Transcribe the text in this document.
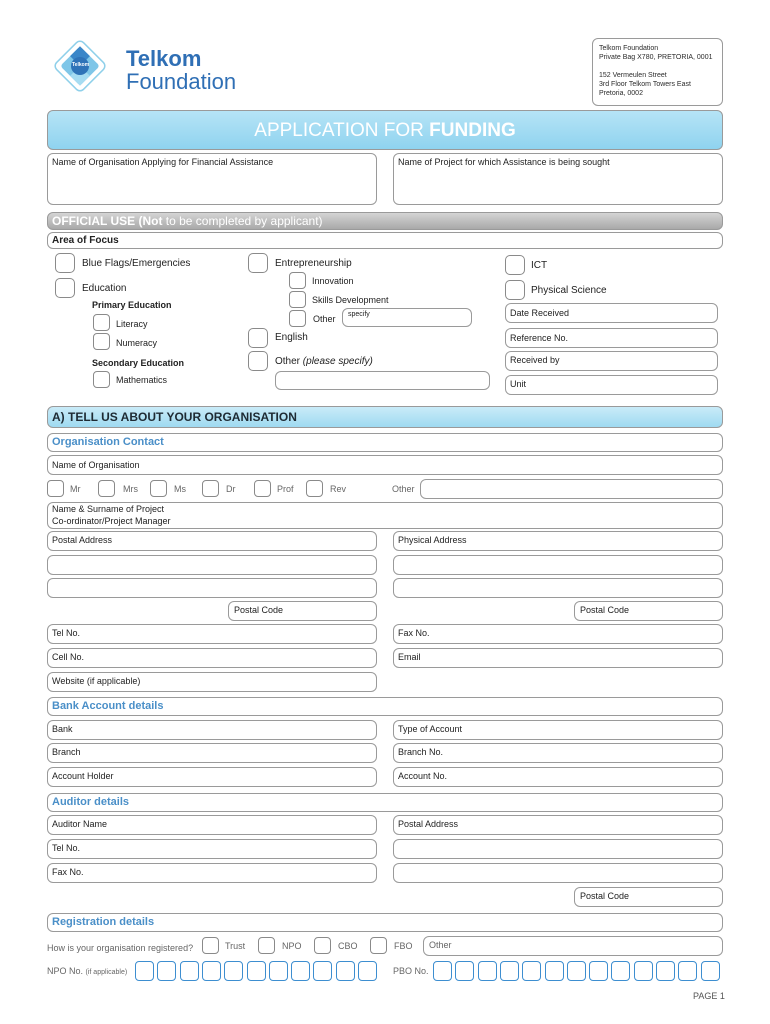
Telkom Telkom
Foundation
Telkom Foundation
Private Bag X780, PRETORIA, 0001
152 Vermeulen Street
3rd Floor Telkom Towers East
Pretoria, 0002
APPLICATION FOR FUNDING
Name of Organisation Applying for Financial Assistance	Name of Project for which Assistance is being sought
OFFICIAL USE (Not to be completed by applicant)
Area of Focus
Blue Flags/Emergencies
Education
Primary Education
Literacy
Numeracy
Secondary Education
Mathematics
Entrepreneurship
Innovation
Skills Development
Other specify
English
Other (please specify)
ICT
Physical Science
Date Received
Reference No.
Received by
Unit
A) TELL US ABOUT YOUR ORGANISATION
Organisation Contact
Name of Organisation
Mr	Mrs	Ms	Dr	Prof	Rev	Other
Name & Surname of Project
Co-ordinator/Project Manager
Postal Address	Physical Address
Postal Code	Postal Code
Tel No.	Fax No.
Cell No.	Email
Website (if applicable)
Bank Account details
Bank	Type of Account
Branch	Branch No.
Account Holder	Account No.
Auditor details
Auditor Name	Postal Address
Tel No.
Fax No.
Postal Code
Registration details
How is your organisation registered?	Trust	NPO	CBO	FBO Other
NPO No. (if applicable)	PBO No.
PAGE 1
